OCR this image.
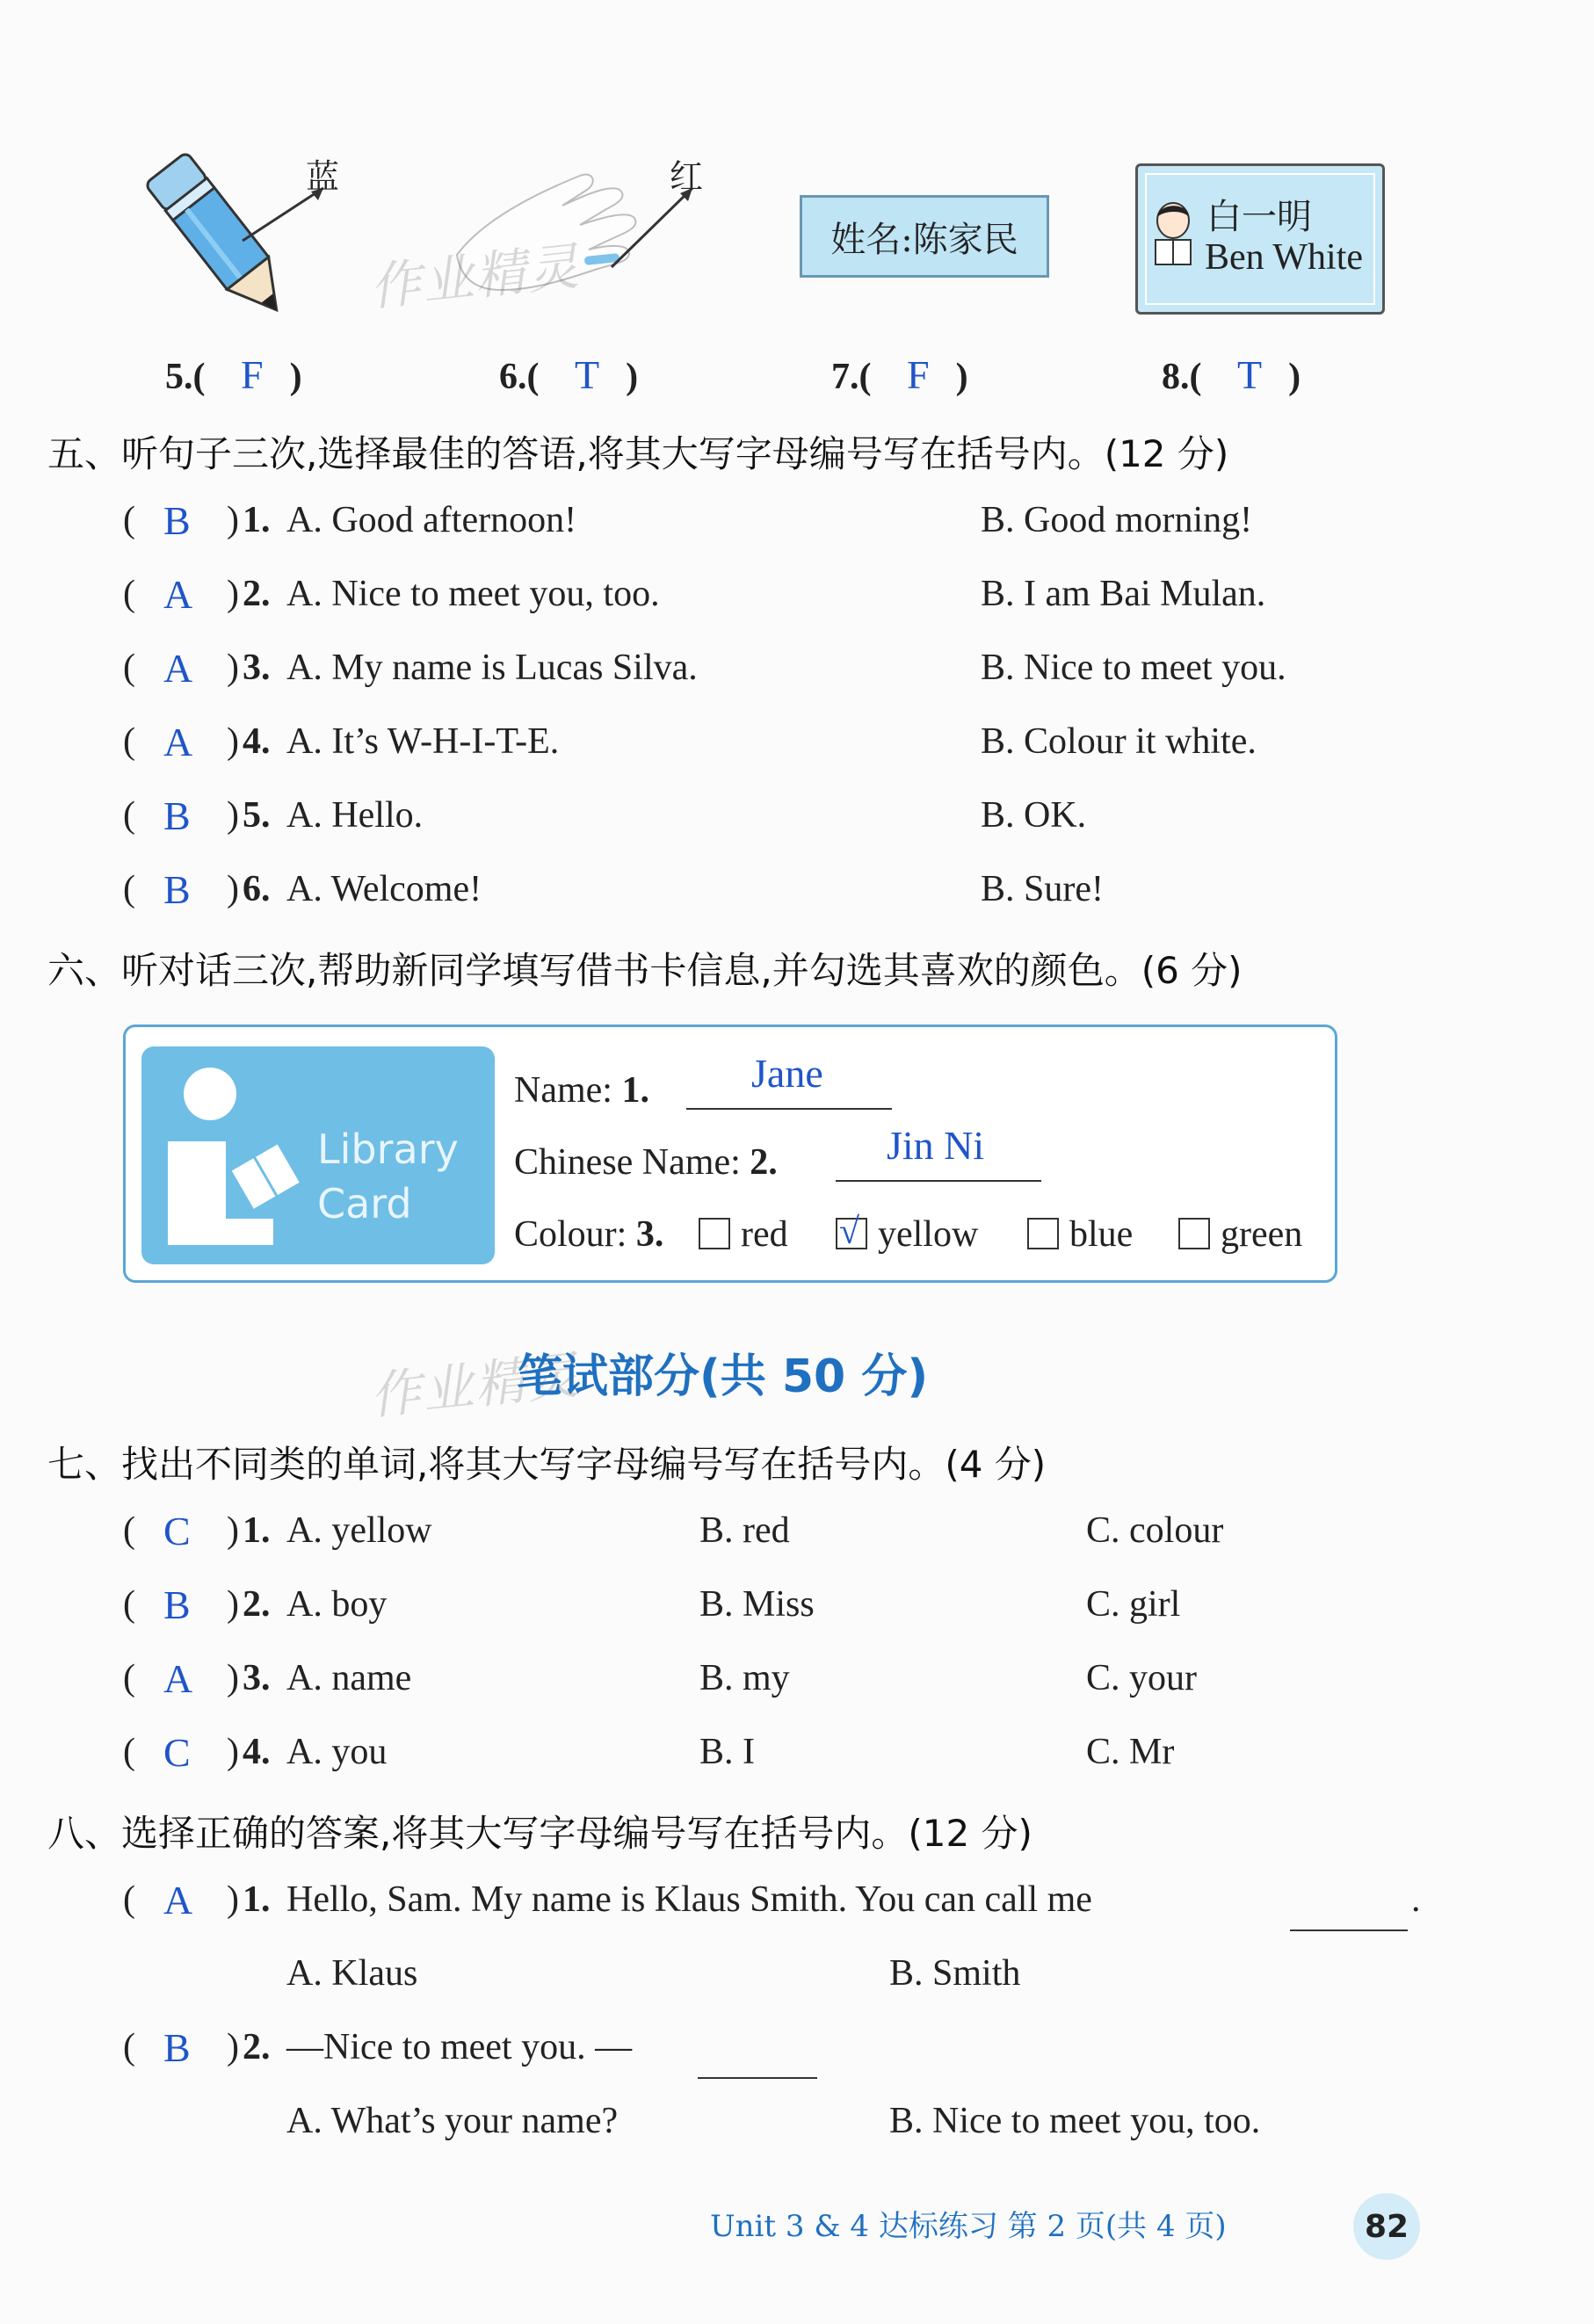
蓝	红
作业精灵	姓名:陈家民
白一明
Ben White
5.( F )	6.( T )	7.( F )	8.( T )
五、听句子三次,选择最佳的答语,将其大写字母编号写在括号内。(12 分)
( B ) 1. A. Good afternoon!	B. Good morning!
( A ) 2. A. Nice to meet you, too.	B. I am Bai Mulan.
( A ) 3. A. My name is Lucas Silva.	B. Nice to meet you.
( A ) 4. A. It’s W-H-I-T-E.	B. Colour it white.
( B ) 5. A. Hello.	B. OK.
( B ) 6. A. Welcome!	B. Sure!
六、听对话三次,帮助新同学填写借书卡信息,并勾选其喜欢的颜色。(6 分)
Library
Card
Name: 1.	Jane
Chinese Name: 2.	Jin Ni
Colour: 3.	red √ yellow	blue	green
作业精灵
笔试部分(共 50 分)
七、找出不同类的单词,将其大写字母编号写在括号内。(4 分)
( C ) 1. A. yellow	B. red	C. colour
( B ) 2. A. boy	B. Miss	C. girl
( A ) 3. A. name	B. my	C. your
( C ) 4. A. you	B. I	C. Mr
八、选择正确的答案,将其大写字母编号写在括号内。(12 分)
( A ) 1. Hello, Sam. My name is Klaus Smith. You can call me	.
A. Klaus	B. Smith
( B ) 2. —Nice to meet you. —
A. What’s your name?	B. Nice to meet you, too.
Unit 3 & 4 达标练习 第 2 页(共 4 页)	82
